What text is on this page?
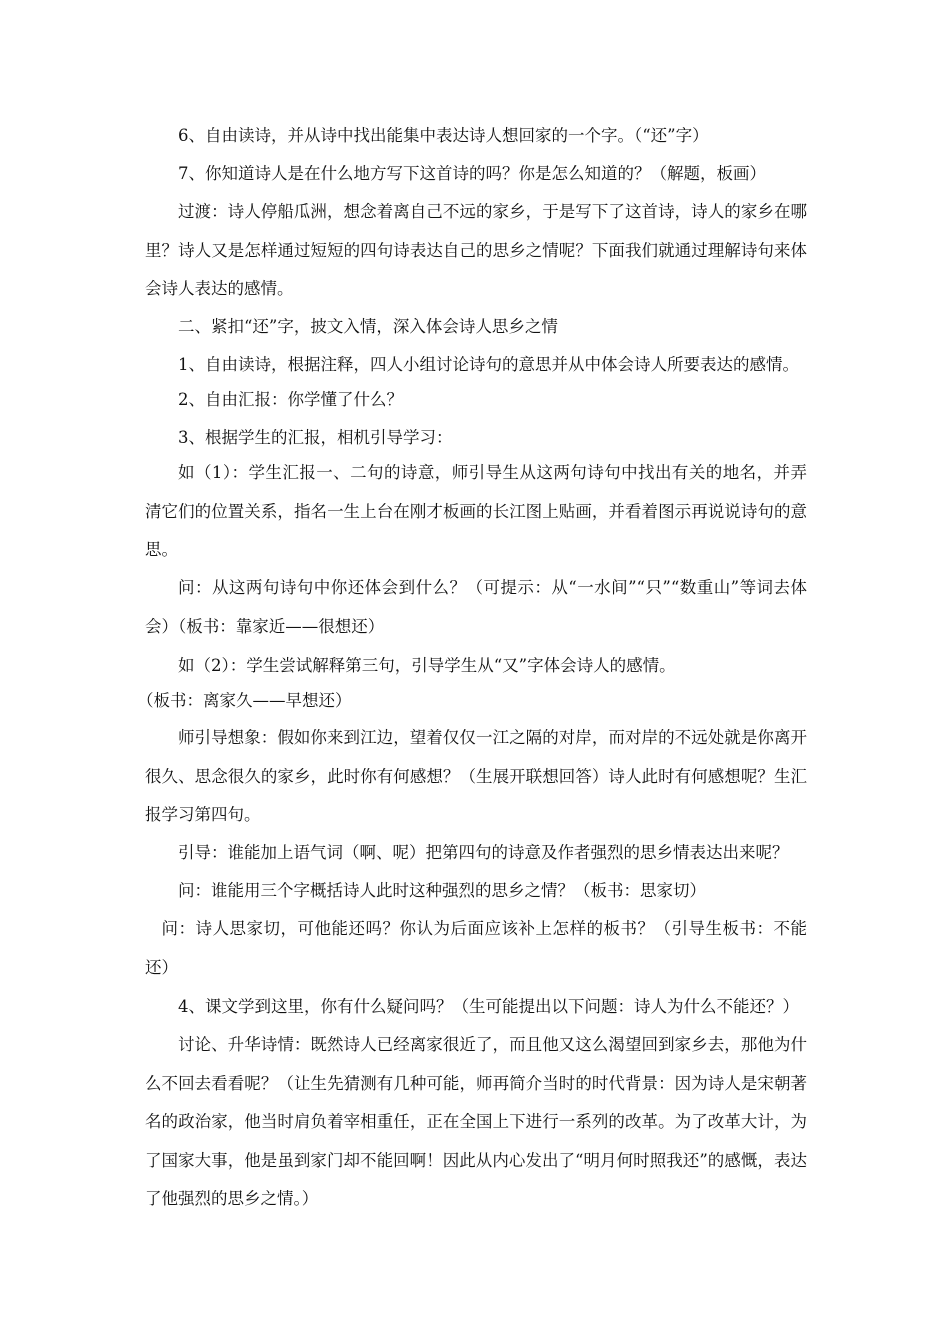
6、自由读诗，并从诗中找出能集中表达诗人想回家的一个字。（“还”字）

7、你知道诗人是在什么地方写下这首诗的吗？你是怎么知道的？（解题，板画）

过渡：诗人停船瓜洲，想念着离自己不远的家乡，于是写下了这首诗，诗人的家乡在哪里？诗人又是怎样通过短短的四句诗表达自己的思乡之情呢？下面我们就通过理解诗句来体会诗人表达的感情。

二、紧扣“还”字，披文入情，深入体会诗人思乡之情

1、自由读诗，根据注释，四人小组讨论诗句的意思并从中体会诗人所要表达的感情。

2、自由汇报：你学懂了什么？

3、根据学生的汇报，相机引导学习：

如（1）：学生汇报一、二句的诗意，师引导生从这两句诗句中找出有关的地名，并弄清它们的位置关系，指名一生上台在刚才板画的长江图上贴画，并看着图示再说说诗句的意思。

问：从这两句诗句中你还体会到什么？（可提示：从“一水间”“只”“数重山”等词去体会）（板书：靠家近——很想还）

如（2）：学生尝试解释第三句，引导学生从“又”字体会诗人的感情。

（板书：离家久——早想还）

师引导想象：假如你来到江边，望着仅仅一江之隔的对岸，而对岸的不远处就是你离开很久、思念很久的家乡，此时你有何感想？（生展开联想回答）诗人此时有何感想呢？生汇报学习第四句。

引导：谁能加上语气词（啊、呢）把第四句的诗意及作者强烈的思乡情表达出来呢？

问：谁能用三个字概括诗人此时这种强烈的思乡之情？（板书：思家切）

问：诗人思家切，可他能还吗？你认为后面应该补上怎样的板书？（引导生板书：不能还）

4、课文学到这里，你有什么疑问吗？（生可能提出以下问题：诗人为什么不能还？）

讨论、升华诗情：既然诗人已经离家很近了，而且他又这么渴望回到家乡去，那他为什么不回去看看呢？（让生先猜测有几种可能，师再简介当时的时代背景：因为诗人是宋朝著名的政治家，他当时肩负着宰相重任，正在全国上下进行一系列的改革。为了改革大计，为了国家大事，他是虽到家门却不能回啊！因此从内心发出了“明月何时照我还”的感慨，表达了他强烈的思乡之情。）
